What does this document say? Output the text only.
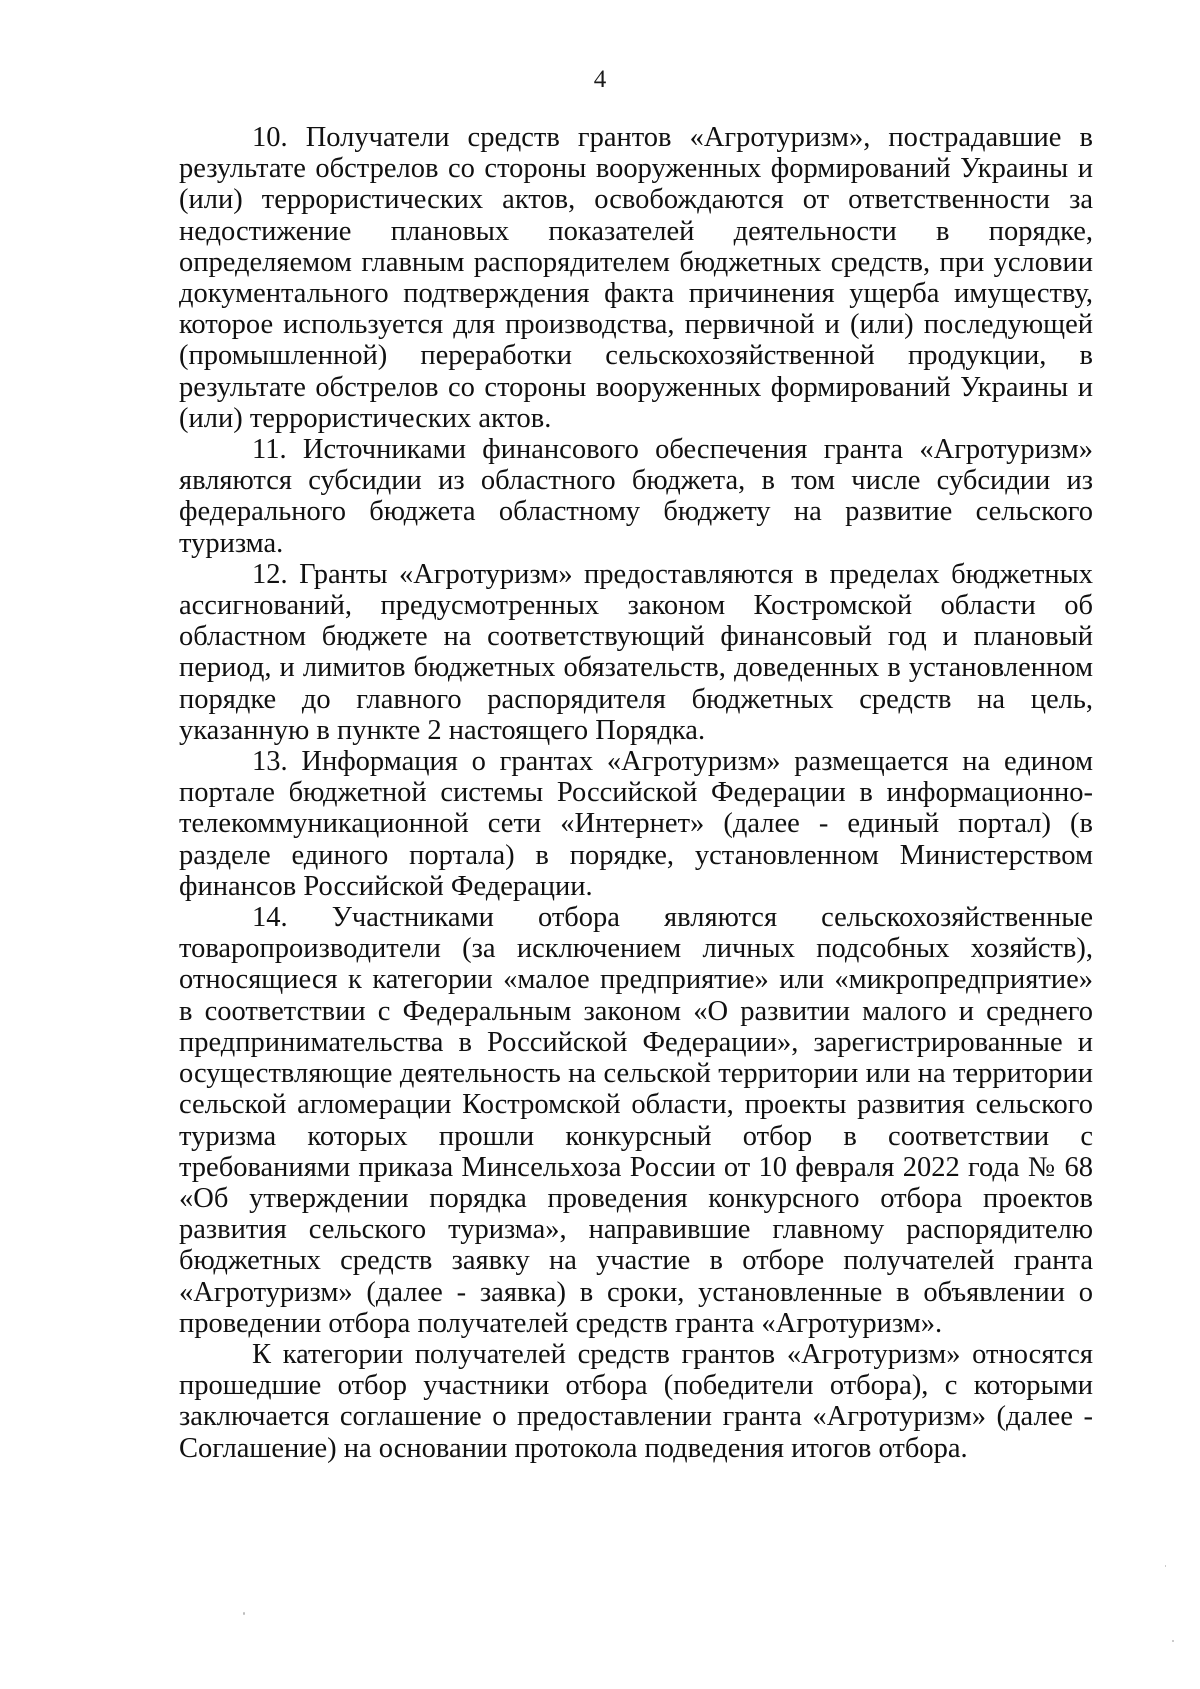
4

10. Получатели средств грантов «Агротуризм», пострадавшие в результате обстрелов со стороны вооруженных формирований Украины и (или) террористических актов, освобождаются от ответственности за недостижение плановых показателей деятельности в порядке, определяемом главным распорядителем бюджетных средств, при условии документального подтверждения факта причинения ущерба имуществу, которое используется для производства, первичной и (или) последующей (промышленной) переработки сельскохозяйственной продукции, в результате обстрелов со стороны вооруженных формирований Украины и (или) террористических актов.

11. Источниками финансового обеспечения гранта «Агротуризм» являются субсидии из областного бюджета, в том числе субсидии из федерального бюджета областному бюджету на развитие сельского туризма.

12. Гранты «Агротуризм» предоставляются в пределах бюджетных ассигнований, предусмотренных законом Костромской области об областном бюджете на соответствующий финансовый год и плановый период, и лимитов бюджетных обязательств, доведенных в установленном порядке до главного распорядителя бюджетных средств на цель, указанную в пункте 2 настоящего Порядка.

13. Информация о грантах «Агротуризм» размещается на едином портале бюджетной системы Российской Федерации в информационно-телекоммуникационной сети «Интернет» (далее - единый портал) (в разделе единого портала) в порядке, установленном Министерством финансов Российской Федерации.

14. Участниками отбора являются сельскохозяйственные товаропроизводители (за исключением личных подсобных хозяйств), относящиеся к категории «малое предприятие» или «микропредприятие» в соответствии с Федеральным законом «О развитии малого и среднего предпринимательства в Российской Федерации», зарегистрированные и осуществляющие деятельность на сельской территории или на территории сельской агломерации Костромской области, проекты развития сельского туризма которых прошли конкурсный отбор в соответствии с требованиями приказа Минсельхоза России от 10 февраля 2022 года № 68 «Об утверждении порядка проведения конкурсного отбора проектов развития сельского туризма», направившие главному распорядителю бюджетных средств заявку на участие в отборе получателей гранта «Агротуризм» (далее - заявка) в сроки, установленные в объявлении о проведении отбора получателей средств гранта «Агротуризм».

К категории получателей средств грантов «Агротуризм» относятся прошедшие отбор участники отбора (победители отбора), с которыми заключается соглашение о предоставлении гранта «Агротуризм» (далее - Соглашение) на основании протокола подведения итогов отбора.
